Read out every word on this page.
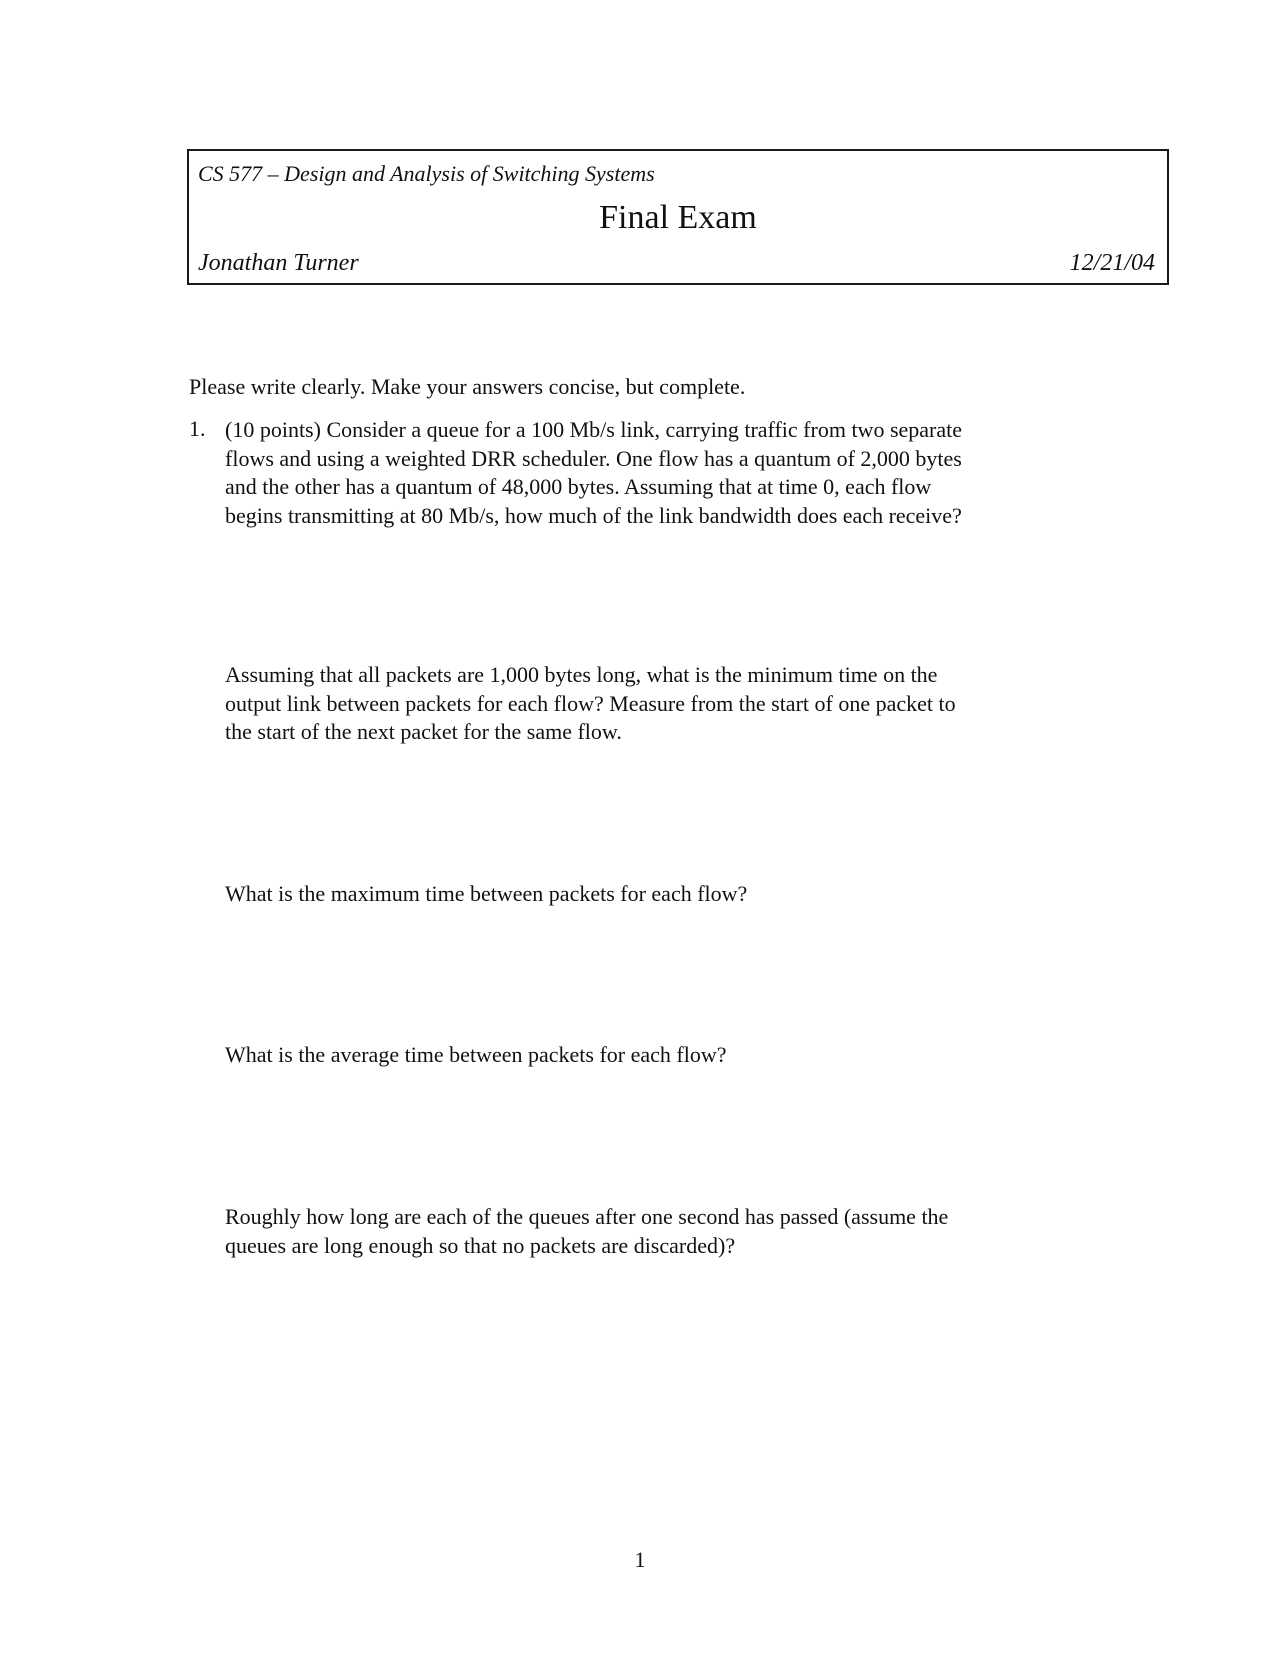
CS 577 – Design and Analysis of Switching Systems
Final Exam
Jonathan Turner	12/21/04
Please write clearly. Make your answers concise, but complete.
1. (10 points) Consider a queue for a 100 Mb/s link, carrying traffic from two separate
flows and using a weighted DRR scheduler. One flow has a quantum of 2,000 bytes
and the other has a quantum of 48,000 bytes. Assuming that at time 0, each flow
begins transmitting at 80 Mb/s, how much of the link bandwidth does each receive?
Assuming that all packets are 1,000 bytes long, what is the minimum time on the
output link between packets for each flow? Measure from the start of one packet to
the start of the next packet for the same flow.
What is the maximum time between packets for each flow?
What is the average time between packets for each flow?
Roughly how long are each of the queues after one second has passed (assume the
queues are long enough so that no packets are discarded)?
1
